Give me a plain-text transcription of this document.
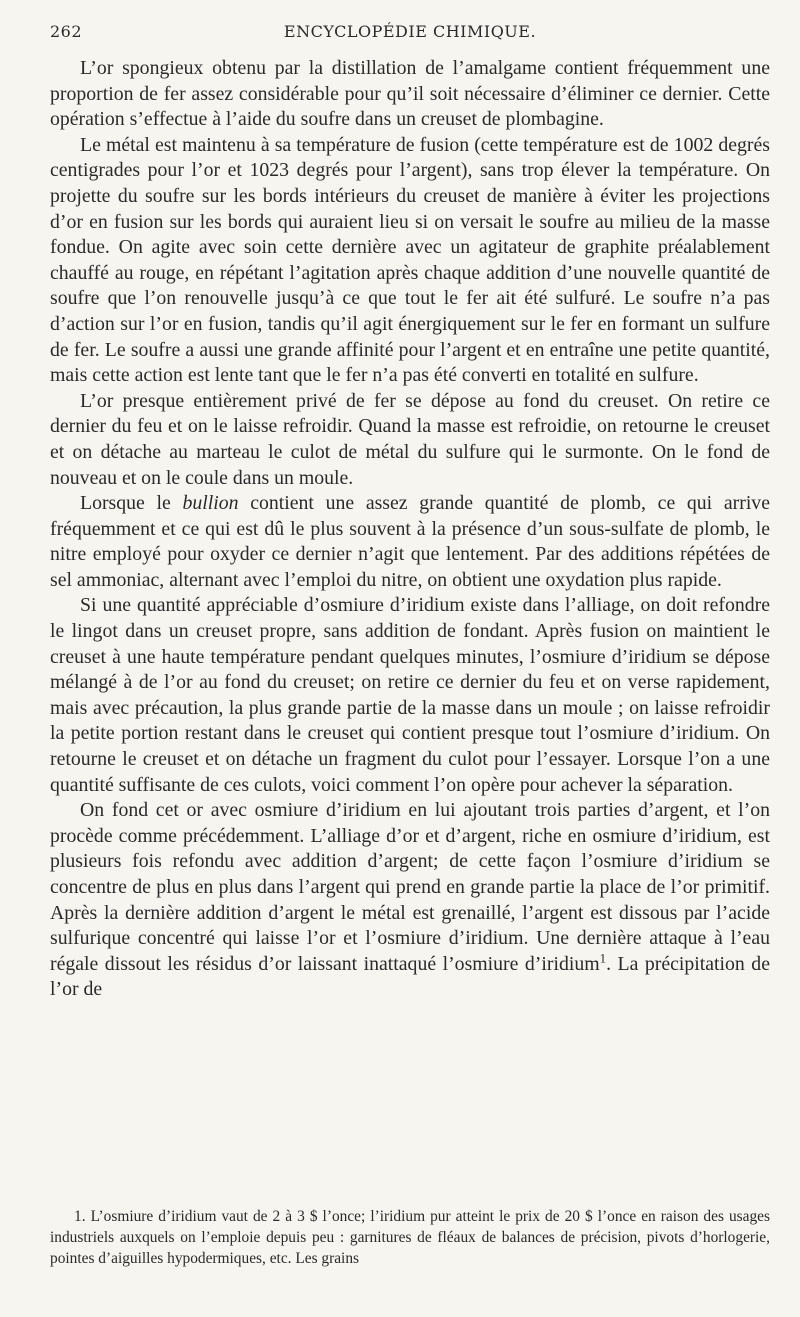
262	ENCYCLOPÉDIE CHIMIQUE.

L’or spongieux obtenu par la distillation de l’amalgame contient fréquemment une proportion de fer assez considérable pour qu’il soit nécessaire d’éliminer ce dernier. Cette opération s’effectue à l’aide du soufre dans un creuset de plombagine.

Le métal est maintenu à sa température de fusion (cette température est de 1002 degrés centigrades pour l’or et 1023 degrés pour l’argent), sans trop élever la température. On projette du soufre sur les bords intérieurs du creuset de manière à éviter les projections d’or en fusion sur les bords qui auraient lieu si on versait le soufre au milieu de la masse fondue. On agite avec soin cette dernière avec un agitateur de graphite préalablement chauffé au rouge, en répétant l’agitation après chaque addition d’une nouvelle quantité de soufre que l’on renouvelle jusqu’à ce que tout le fer ait été sulfuré. Le soufre n’a pas d’action sur l’or en fusion, tandis qu’il agit énergiquement sur le fer en formant un sulfure de fer. Le soufre a aussi une grande affinité pour l’argent et en entraîne une petite quantité, mais cette action est lente tant que le fer n’a pas été converti en totalité en sulfure.

L’or presque entièrement privé de fer se dépose au fond du creuset. On retire ce dernier du feu et on le laisse refroidir. Quand la masse est refroidie, on retourne le creuset et on détache au marteau le culot de métal du sulfure qui le surmonte. On le fond de nouveau et on le coule dans un moule.

Lorsque le bullion contient une assez grande quantité de plomb, ce qui arrive fréquemment et ce qui est dû le plus souvent à la présence d’un sous-sulfate de plomb, le nitre employé pour oxyder ce dernier n’agit que lentement. Par des additions répétées de sel ammoniac, alternant avec l’emploi du nitre, on obtient une oxydation plus rapide.

Si une quantité appréciable d’osmiure d’iridium existe dans l’alliage, on doit refondre le lingot dans un creuset propre, sans addition de fondant. Après fusion on maintient le creuset à une haute température pendant quelques minutes, l’osmiure d’iridium se dépose mélangé à de l’or au fond du creuset; on retire ce dernier du feu et on verse rapidement, mais avec précaution, la plus grande partie de la masse dans un moule ; on laisse refroidir la petite portion restant dans le creuset qui contient presque tout l’osmiure d’iridium. On retourne le creuset et on détache un fragment du culot pour l’essayer. Lorsque l’on a une quantité suffisante de ces culots, voici comment l’on opère pour achever la séparation.

On fond cet or avec osmiure d’iridium en lui ajoutant trois parties d’argent, et l’on procède comme précédemment. L’alliage d’or et d’argent, riche en osmiure d’iridium, est plusieurs fois refondu avec addition d’argent; de cette façon l’osmiure d’iridium se concentre de plus en plus dans l’argent qui prend en grande partie la place de l’or primitif. Après la dernière addition d’argent le métal est grenaillé, l’argent est dissous par l’acide sulfurique concentré qui laisse l’or et l’osmiure d’iridium. Une dernière attaque à l’eau régale dissout les résidus d’or laissant inattaqué l’osmiure d’iridium$^1$. La précipitation de l’or de

1. L’osmiure d’iridium vaut de 2 à 3 $ l’once; l’iridium pur atteint le prix de 20 $ l’once en raison des usages industriels auxquels on l’emploie depuis peu : garnitures de fléaux de balances de précision, pivots d’horlogerie, pointes d’aiguilles hypodermiques, etc. Les grains
